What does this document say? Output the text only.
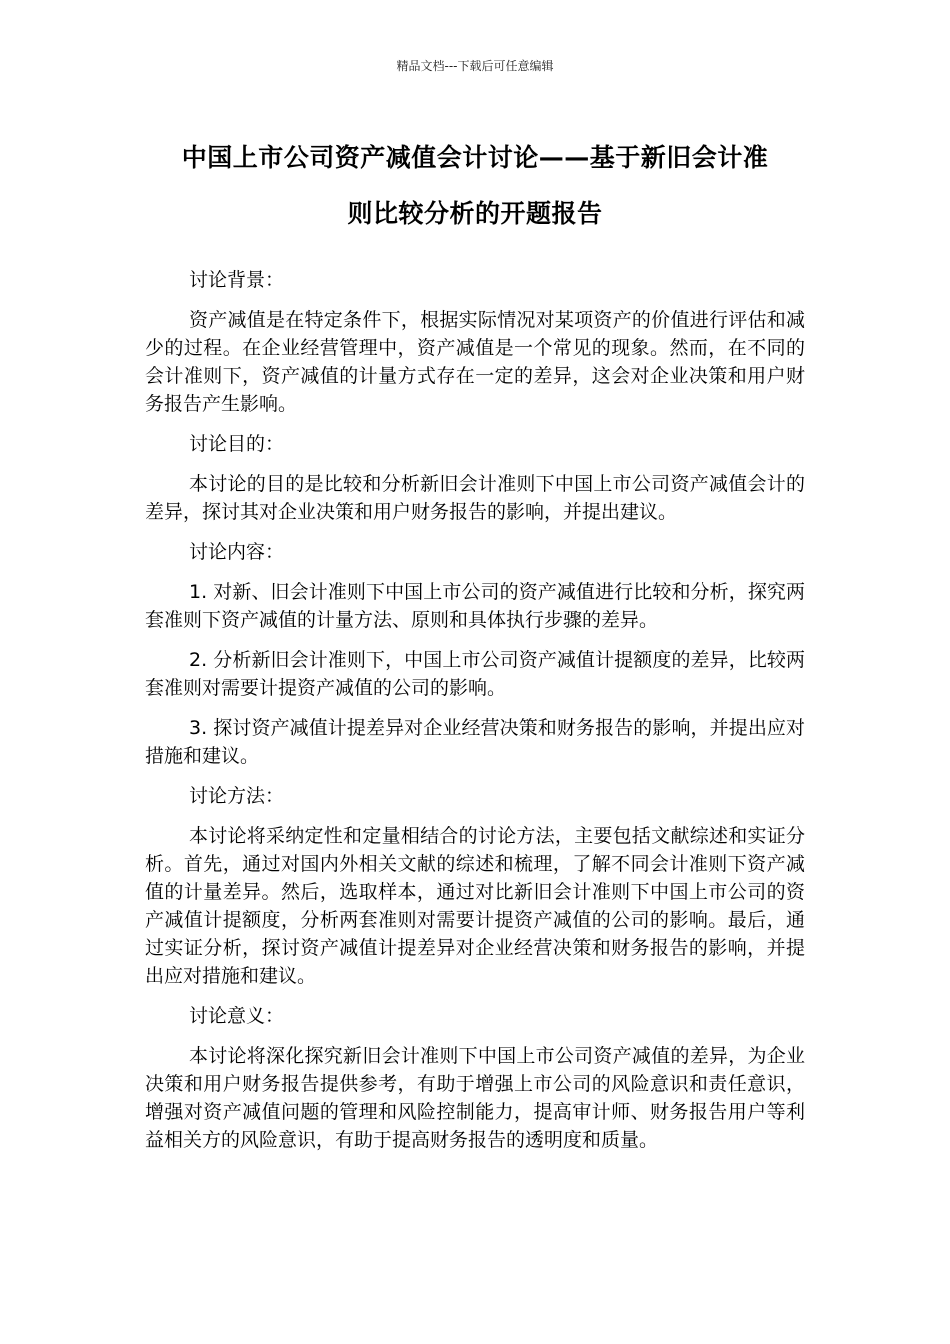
精品文档---下载后可任意编辑
中国上市公司资产减值会计讨论——基于新旧会计准
则比较分析的开题报告

讨论背景：

资产减值是在特定条件下，根据实际情况对某项资产的价值进行评估和减少的过程。在企业经营管理中，资产减值是一个常见的现象。然而，在不同的会计准则下，资产减值的计量方式存在一定的差异，这会对企业决策和用户财务报告产生影响。

讨论目的：

本讨论的目的是比较和分析新旧会计准则下中国上市公司资产减值会计的差异，探讨其对企业决策和用户财务报告的影响，并提出建议。

讨论内容：

1. 对新、旧会计准则下中国上市公司的资产减值进行比较和分析，探究两套准则下资产减值的计量方法、原则和具体执行步骤的差异。

2. 分析新旧会计准则下，中国上市公司资产减值计提额度的差异，比较两套准则对需要计提资产减值的公司的影响。

3. 探讨资产减值计提差异对企业经营决策和财务报告的影响，并提出应对措施和建议。

讨论方法：

本讨论将采纳定性和定量相结合的讨论方法，主要包括文献综述和实证分析。首先，通过对国内外相关文献的综述和梳理，了解不同会计准则下资产减值的计量差异。然后，选取样本，通过对比新旧会计准则下中国上市公司的资产减值计提额度，分析两套准则对需要计提资产减值的公司的影响。最后，通过实证分析，探讨资产减值计提差异对企业经营决策和财务报告的影响，并提出应对措施和建议。

讨论意义：

本讨论将深化探究新旧会计准则下中国上市公司资产减值的差异，为企业决策和用户财务报告提供参考，有助于增强上市公司的风险意识和责任意识，增强对资产减值问题的管理和风险控制能力，提高审计师、财务报告用户等利益相关方的风险意识，有助于提高财务报告的透明度和质量。
